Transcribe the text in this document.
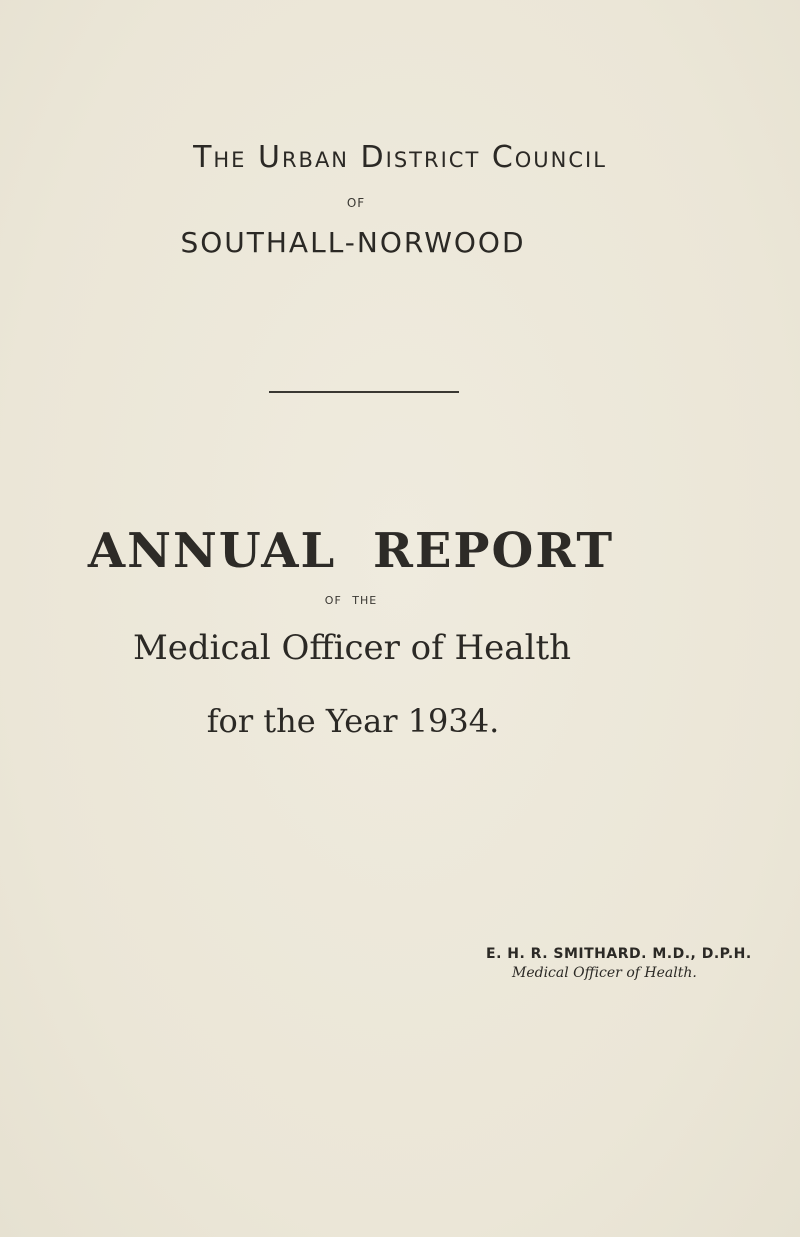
The Urban District Council
OF
SOUTHALL-NORWOOD
ANNUAL REPORT
OF THE
Medical Officer of Health
for the Year 1934.
E. H. R. SMITHARD. M.D., D.P.H.
Medical Officer of Health.
